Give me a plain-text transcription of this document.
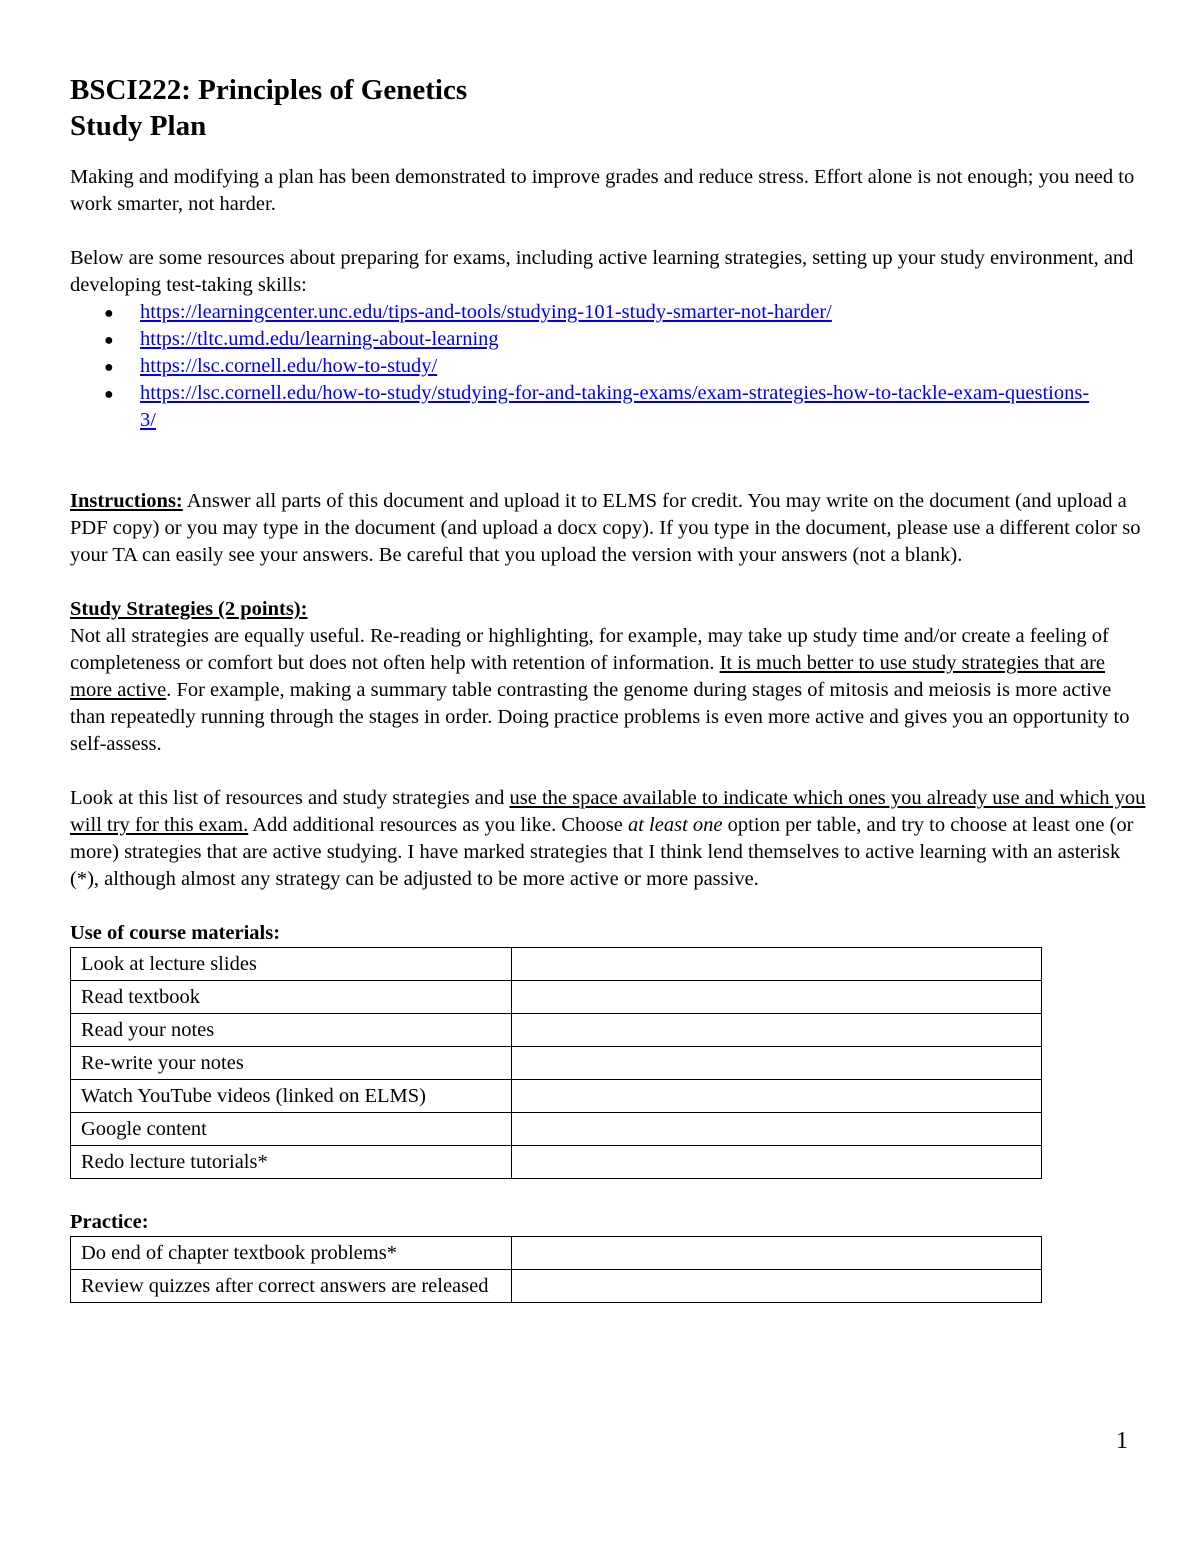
BSCI222: Principles of Genetics
Study Plan

Making and modifying a plan has been demonstrated to improve grades and reduce stress. Effort alone is not enough; you need to work smarter, not harder.

Below are some resources about preparing for exams, including active learning strategies, setting up your study environment, and developing test-taking skills:

● https://learningcenter.unc.edu/tips-and-tools/studying-101-study-smarter-not-harder/
● https://tltc.umd.edu/learning-about-learning
● https://lsc.cornell.edu/how-to-study/
● https://lsc.cornell.edu/how-to-study/studying-for-and-taking-exams/exam-strategies-how-to-tackle-exam-questions-3/

Instructions: Answer all parts of this document and upload it to ELMS for credit. You may write on the document (and upload a PDF copy) or you may type in the document (and upload a docx copy). If you type in the document, please use a different color so your TA can easily see your answers. Be careful that you upload the version with your answers (not a blank).

Study Strategies (2 points):

Not all strategies are equally useful. Re-reading or highlighting, for example, may take up study time and/or create a feeling of completeness or comfort but does not often help with retention of information. It is much better to use study strategies that are more active. For example, making a summary table contrasting the genome during stages of mitosis and meiosis is more active than repeatedly running through the stages in order. Doing practice problems is even more active and gives you an opportunity to self-assess.

Look at this list of resources and study strategies and use the space available to indicate which ones you already use and which you will try for this exam. Add additional resources as you like. Choose at least one option per table, and try to choose at least one (or more) strategies that are active studying. I have marked strategies that I think lend themselves to active learning with an asterisk (*), although almost any strategy can be adjusted to be more active or more passive.

Use of course materials:
Look at lecture slides	
Read textbook	
Read your notes	
Re-write your notes	
Watch YouTube videos (linked on ELMS)	
Google content	
Redo lecture tutorials*	
Practice:
Do end of chapter textbook problems*	
Review quizzes after correct answers are released	
1
